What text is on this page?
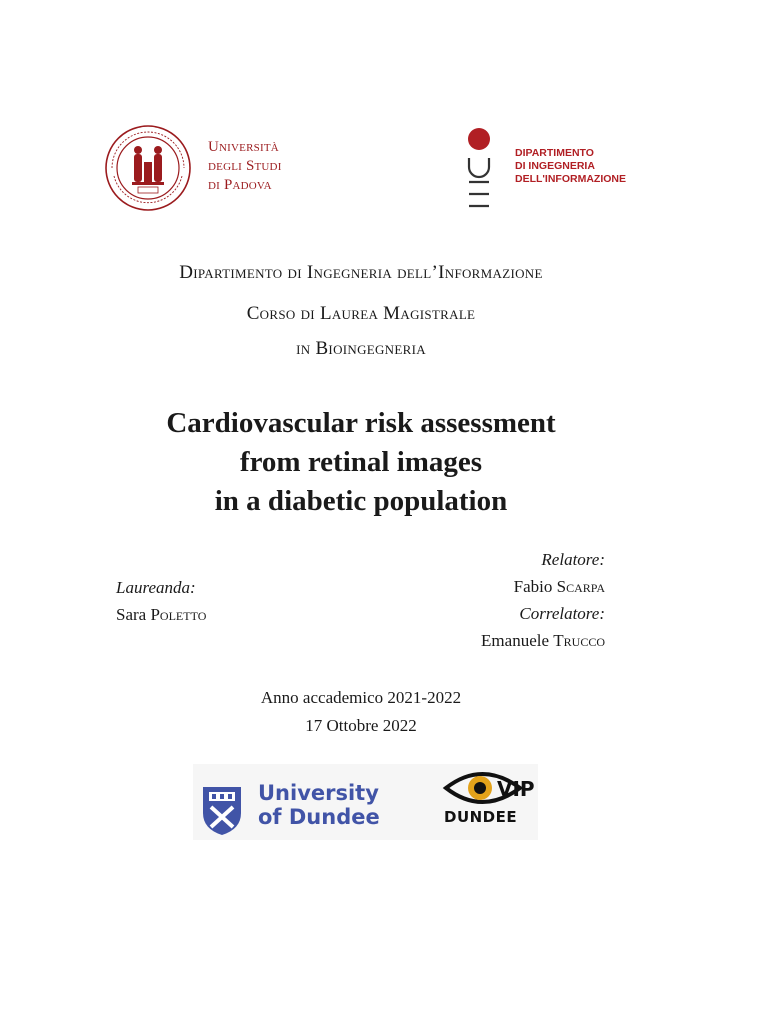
Università
degli Studi
di Padova
DIPARTIMENTO
DI INGEGNERIA
DELL'INFORMAZIONE
Dipartimento di Ingegneria dell’Informazione
Corso di Laurea Magistrale
in Bioingegneria
Cardiovascular risk assessment
from retinal images
in a diabetic population
Laureanda:
Sara Poletto
Relatore:
Fabio Scarpa
Correlatore:
Emanuele Trucco
Anno accademico 2021-2022
17 Ottobre 2022
University
of Dundee
VIP
DUNDEE
